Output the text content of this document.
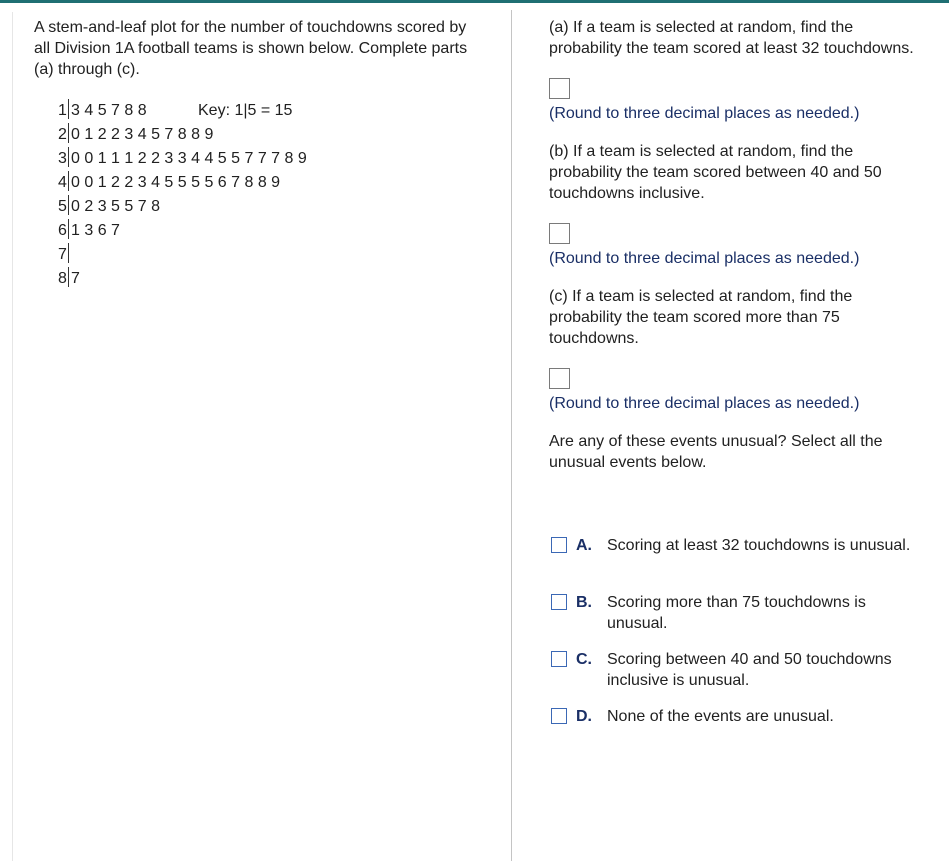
A stem-and-leaf plot for the number of touchdowns scored by all Division 1A football teams is shown below. Complete parts (a) through (c).

1 3 4 5 7 8 8	Key: 1|5 = 15
2 0 1 2 2 3 4 5 7 8 8 9
3 0 0 1 1 1 2 2 3 3 4 4 5 5 7 7 7 8 9
4 0 0 1 2 2 3 4 5 5 5 5 6 7 8 8 9
5 0 2 3 5 5 7 8
6 1 3 6 7
7
8 7

(a) If a team is selected at random, find the probability the team scored at least 32 touchdowns.

(Round to three decimal places as needed.)

(b) If a team is selected at random, find the probability the team scored between 40 and 50 touchdowns inclusive.

(Round to three decimal places as needed.)

(c) If a team is selected at random, find the probability the team scored more than 75 touchdowns.

(Round to three decimal places as needed.)

Are any of these events unusual? Select all the unusual events below.

A. Scoring at least 32 touchdowns is unusual.
B. Scoring more than 75 touchdowns is unusual.
C. Scoring between 40 and 50 touchdowns inclusive is unusual.
D. None of the events are unusual.
